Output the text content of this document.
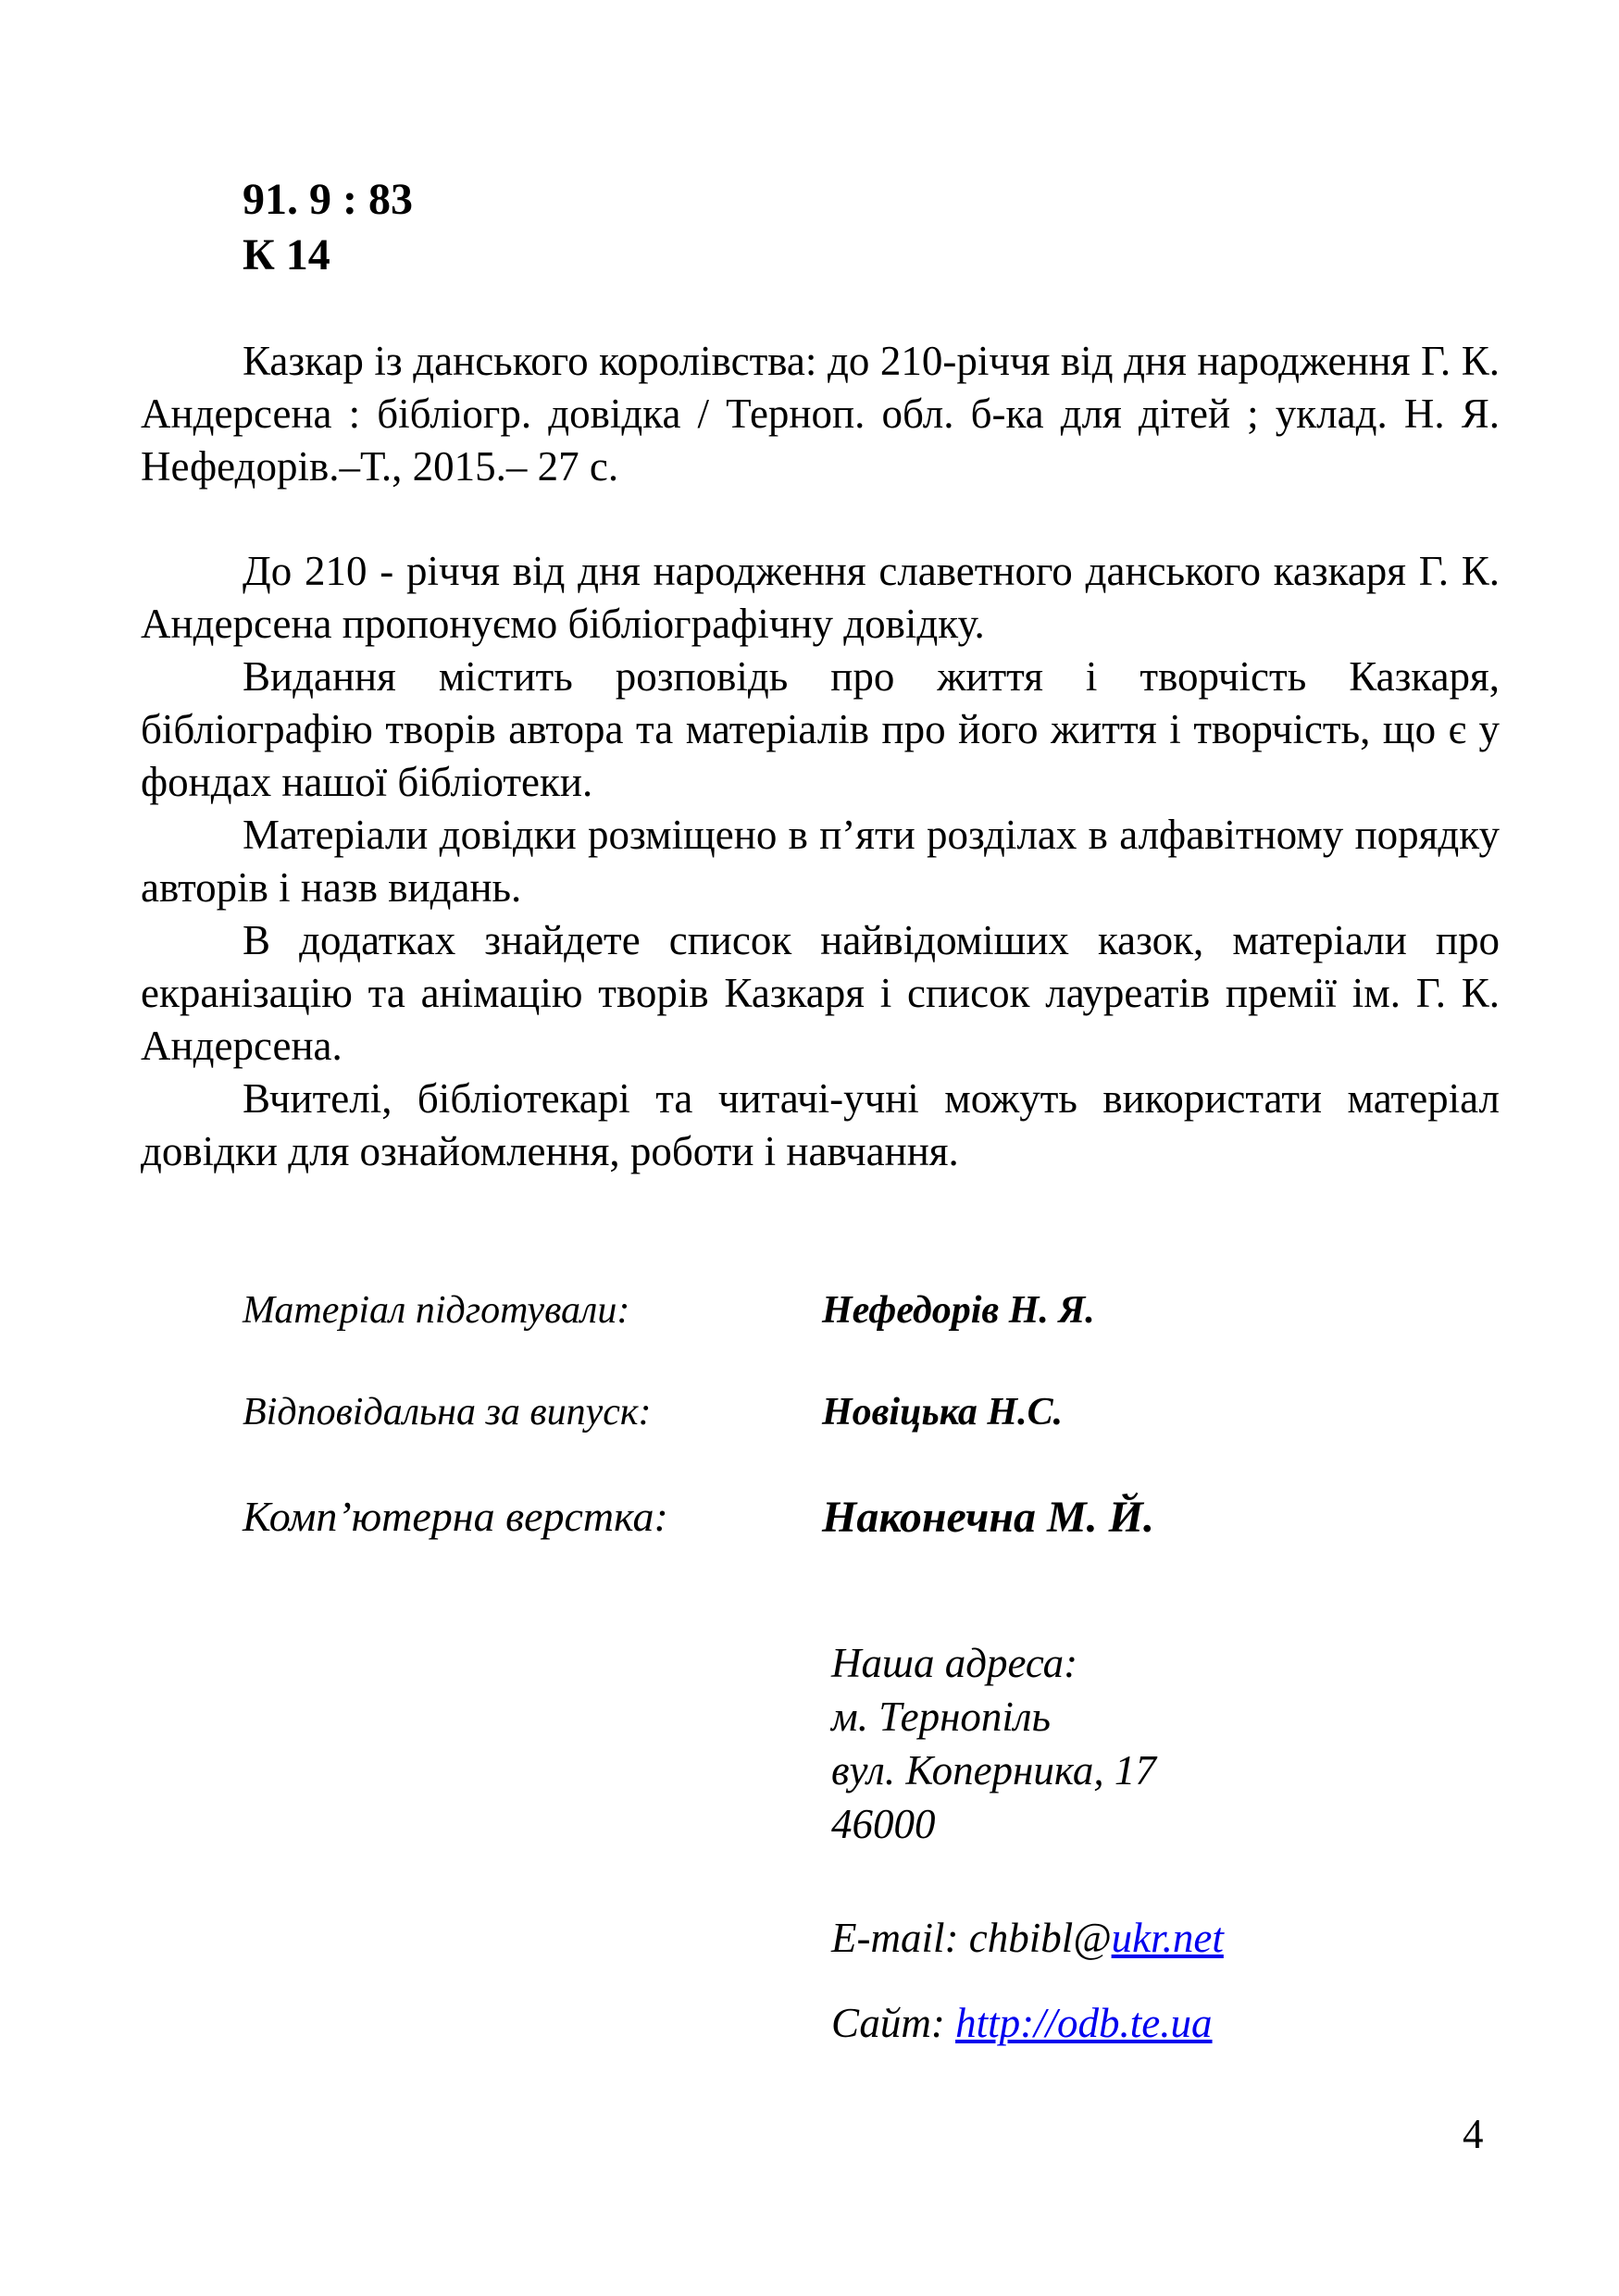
91. 9 : 83
К 14

Казкар із данського королівства: до 210-річчя від дня народження Г. К. Андерсена : бібліогр. довідка / Терноп. обл. б-ка для дітей ; уклад. Н. Я. Нефедорів.–Т., 2015.– 27 с.

До 210 - річчя від дня народження славетного данського казкаря Г. К. Андерсена пропонуємо бібліографічну довідку.

Видання містить розповідь про життя і творчість Казкаря, бібліографію творів автора та матеріалів про його життя і творчість, що є у фондах нашої бібліотеки.

Матеріали довідки розміщено в п’яти розділах в алфавітному порядку авторів і назв видань.

В додатках знайдете список найвідоміших казок, матеріали про екранізацію та анімацію творів Казкаря і список лауреатів премії ім. Г. К. Андерсена.

Вчителі, бібліотекарі та читачі-учні можуть використати матеріал довідки для ознайомлення, роботи і навчання.

Матеріал підготували:	Нефедорів Н. Я.
Відповідальна за випуск:	Новіцька Н.С.
Комп’ютерна верстка:	Наконечна М. Й.
Наша адреса:
м. Тернопіль
вул. Коперника, 17
46000
E-mail: chbibl@ukr.net
Сайт: http://odb.te.ua
4
